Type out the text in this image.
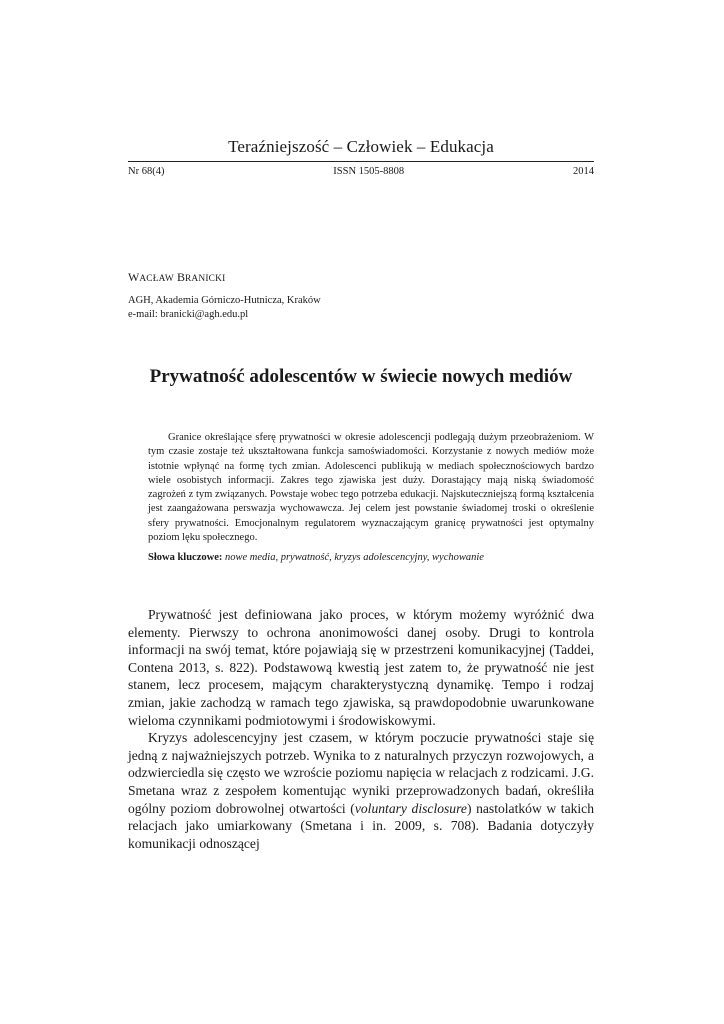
Teraźniejszość – Człowiek – Edukacja
Nr 68(4)	ISSN 1505-8808	2014
WACŁAW BRANICKI
AGH, Akademia Górniczo-Hutnicza, Kraków
e-mail: branicki@agh.edu.pl
Prywatność adolescentów w świecie nowych mediów

Granice określające sferę prywatności w okresie adolescencji podlegają dużym przeobrażeniom. W tym czasie zostaje też ukształtowana funkcja samoświadomości. Korzystanie z nowych mediów może istotnie wpłynąć na formę tych zmian. Adolescenci publikują w mediach społecznościowych bardzo wiele osobistych informacji. Zakres tego zjawiska jest duży. Dorastający mają niską świadomość zagrożeń z tym związanych. Powstaje wobec tego potrzeba edukacji. Najskuteczniejszą formą kształcenia jest zaangażowana perswazja wychowawcza. Jej celem jest powstanie świadomej troski o określenie sfery prywatności. Emocjonalnym regulatorem wyznaczającym granicę prywatności jest optymalny poziom lęku społecznego.

Słowa kluczowe: nowe media, prywatność, kryzys adolescencyjny, wychowanie

Prywatność jest definiowana jako proces, w którym możemy wyróżnić dwa elementy. Pierwszy to ochrona anonimowości danej osoby. Drugi to kontrola informacji na swój temat, które pojawiają się w przestrzeni komunikacyjnej (Taddei, Contena 2013, s. 822). Podstawową kwestią jest zatem to, że prywatność nie jest stanem, lecz procesem, mającym charakterystyczną dynamikę. Tempo i rodzaj zmian, jakie zachodzą w ramach tego zjawiska, są prawdopodobnie uwarunkowane wieloma czynnikami podmiotowymi i środowiskowymi.

Kryzys adolescencyjny jest czasem, w którym poczucie prywatności staje się jedną z najważniejszych potrzeb. Wynika to z naturalnych przyczyn rozwojowych, a odzwierciedla się często we wzroście poziomu napięcia w relacjach z rodzicami. J.G. Smetana wraz z zespołem komentując wyniki przeprowadzonych badań, określiła ogólny poziom dobrowolnej otwartości (voluntary disclosure) nastolatków w takich relacjach jako umiarkowany (Smetana i in. 2009, s. 708). Badania dotyczyły komunikacji odnoszącej
